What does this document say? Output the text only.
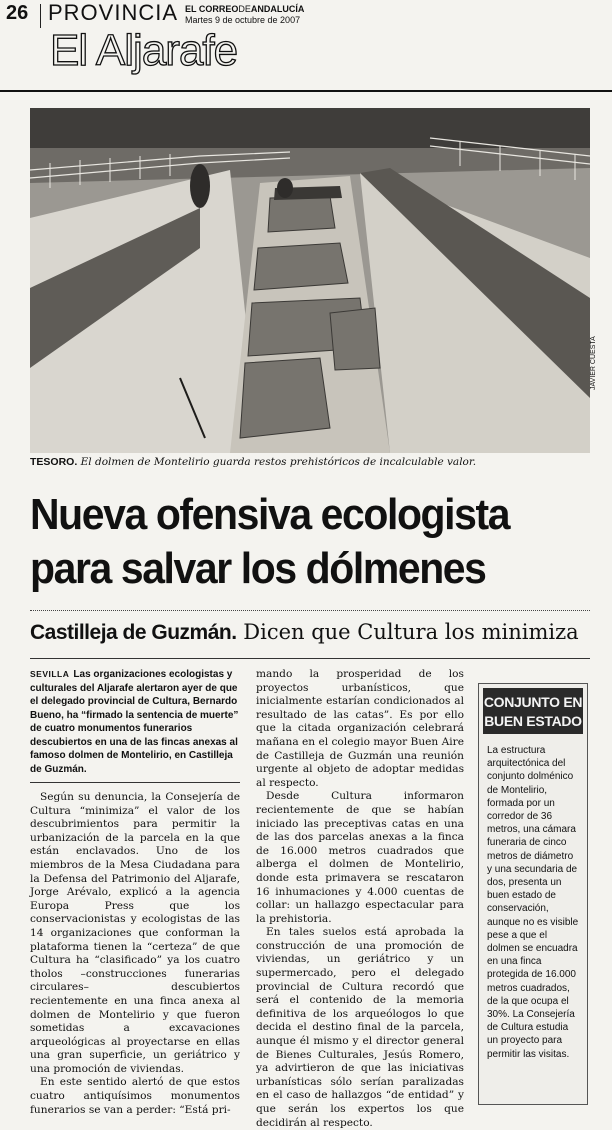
26 PROVINCIA EL CORREODEANDALUCÍA
Martes 9 de octubre de 2007
El Aljarafe
JAVIER CUESTA
TESORO. El dolmen de Montelirio guarda restos prehistóricos de incalculable valor.
Nueva ofensiva ecologista
para salvar los dólmenes
Castilleja de Guzmán. Dicen que Cultura los minimiza
SEVILLA Las organizaciones ecologistas y culturales del Aljarafe alertaron ayer de que el delegado provincial de Cultura, Bernardo Bueno, ha “firmado la sentencia de muerte” de cuatro monumentos funerarios descubiertos en una de las fincas anexas al famoso dolmen de Montelirio, en Castilleja de Guzmán.

Según su denuncia, la Consejería de Cultura “minimiza” el valor de los descubrimientos para permitir la urbanización de la parcela en la que están enclavados. Uno de los miembros de la Mesa Ciudadana para la Defensa del Patrimonio del Aljarafe, Jorge Arévalo, explicó a la agencia Europa Press que los conservacionistas y ecologistas de las 14 organizaciones que conforman la plataforma tienen la “certeza” de que Cultura ha “clasificado” ya los cuatro tholos –construcciones funerarias circulares– descubiertos recientemente en una finca anexa al dolmen de Montelirio y que fueron sometidas a excavaciones arqueológicas al proyectarse en ellas una gran superficie, un geriátrico y una promoción de viviendas.

En este sentido alertó de que estos cuatro antiquísimos monumentos funerarios se van a perder: “Está pri-

mando la prosperidad de los proyectos urbanísticos, que inicialmente estarían condicionados al resultado de las catas”. Es por ello que la citada organización celebrará mañana en el colegio mayor Buen Aire de Castilleja de Guzmán una reunión urgente al objeto de adoptar medidas al respecto.

Desde Cultura informaron recientemente de que se habían iniciado las preceptivas catas en una de las dos parcelas anexas a la finca de 16.000 metros cuadrados que alberga el dolmen de Montelirio, donde esta primavera se rescataron 16 inhumaciones y 4.000 cuentas de collar: un hallazgo espectacular para la prehistoria.

En tales suelos está aprobada la construcción de una promoción de viviendas, un geriátrico y un supermercado, pero el delegado provincial de Cultura recordó que será el contenido de la memoria definitiva de los arqueólogos lo que decida el destino final de la parcela, aunque él mismo y el director general de Bienes Culturales, Jesús Romero, ya advirtieron de que las iniciativas urbanísticas sólo serían paralizadas en el caso de hallazgos “de entidad” y que serán los expertos los que decidirán al respecto.

CONJUNTO EN
BUEN ESTADO

La estructura arquitectónica del conjunto dolménico de Montelirio, formada por un corredor de 36 metros, una cámara funeraria de cinco metros de diámetro y una secundaria de dos, presenta un buen estado de conservación, aunque no es visible pese a que el dolmen se encuadra en una finca protegida de 16.000 metros cuadrados, de la que ocupa el 30%. La Consejería de Cultura estudia un proyecto para permitir las visitas.
